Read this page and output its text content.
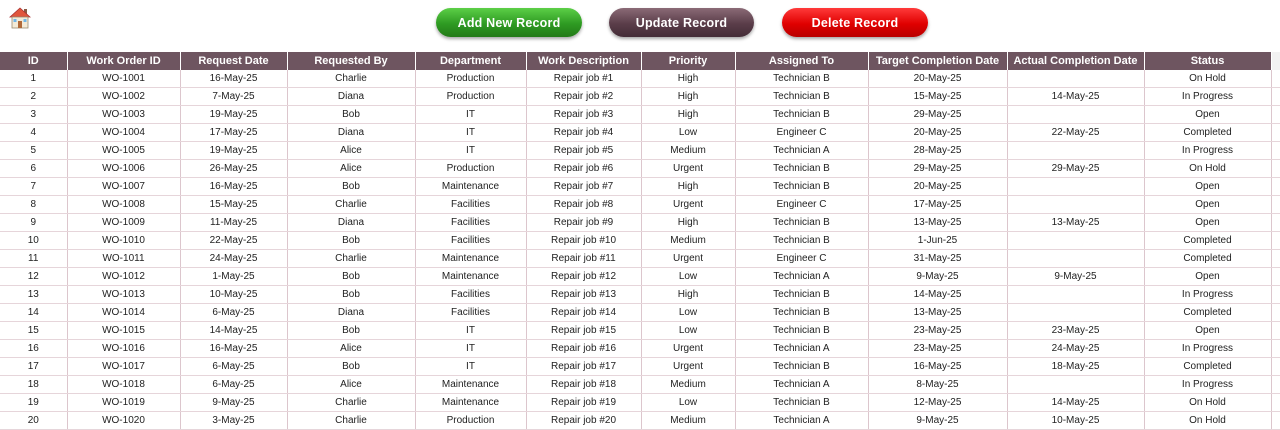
Add New Record	Update Record	Delete Record
ID	Work Order ID	Request Date	Requested By	Department	Work Description	Priority	Assigned To	Target Completion Date	Actual Completion Date	Status	
1	WO-1001	16-May-25	Charlie	Production	Repair job #1	High	Technician B	20-May-25		On Hold	
2	WO-1002	7-May-25	Diana	Production	Repair job #2	High	Technician B	15-May-25	14-May-25	In Progress	
3	WO-1003	19-May-25	Bob	IT	Repair job #3	High	Technician B	29-May-25		Open	
4	WO-1004	17-May-25	Diana	IT	Repair job #4	Low	Engineer C	20-May-25	22-May-25	Completed	
5	WO-1005	19-May-25	Alice	IT	Repair job #5	Medium	Technician A	28-May-25		In Progress	
6	WO-1006	26-May-25	Alice	Production	Repair job #6	Urgent	Technician B	29-May-25	29-May-25	On Hold	
7	WO-1007	16-May-25	Bob	Maintenance	Repair job #7	High	Technician B	20-May-25		Open	
8	WO-1008	15-May-25	Charlie	Facilities	Repair job #8	Urgent	Engineer C	17-May-25		Open	
9	WO-1009	11-May-25	Diana	Facilities	Repair job #9	High	Technician B	13-May-25	13-May-25	Open	
10	WO-1010	22-May-25	Bob	Facilities	Repair job #10	Medium	Technician B	1-Jun-25		Completed	
11	WO-1011	24-May-25	Charlie	Maintenance	Repair job #11	Urgent	Engineer C	31-May-25		Completed	
12	WO-1012	1-May-25	Bob	Maintenance	Repair job #12	Low	Technician A	9-May-25	9-May-25	Open	
13	WO-1013	10-May-25	Bob	Facilities	Repair job #13	High	Technician B	14-May-25		In Progress	
14	WO-1014	6-May-25	Diana	Facilities	Repair job #14	Low	Technician B	13-May-25		Completed	
15	WO-1015	14-May-25	Bob	IT	Repair job #15	Low	Technician B	23-May-25	23-May-25	Open	
16	WO-1016	16-May-25	Alice	IT	Repair job #16	Urgent	Technician A	23-May-25	24-May-25	In Progress	
17	WO-1017	6-May-25	Bob	IT	Repair job #17	Urgent	Technician B	16-May-25	18-May-25	Completed	
18	WO-1018	6-May-25	Alice	Maintenance	Repair job #18	Medium	Technician A	8-May-25		In Progress	
19	WO-1019	9-May-25	Charlie	Maintenance	Repair job #19	Low	Technician B	12-May-25	14-May-25	On Hold	
20	WO-1020	3-May-25	Charlie	Production	Repair job #20	Medium	Technician A	9-May-25	10-May-25	On Hold	
